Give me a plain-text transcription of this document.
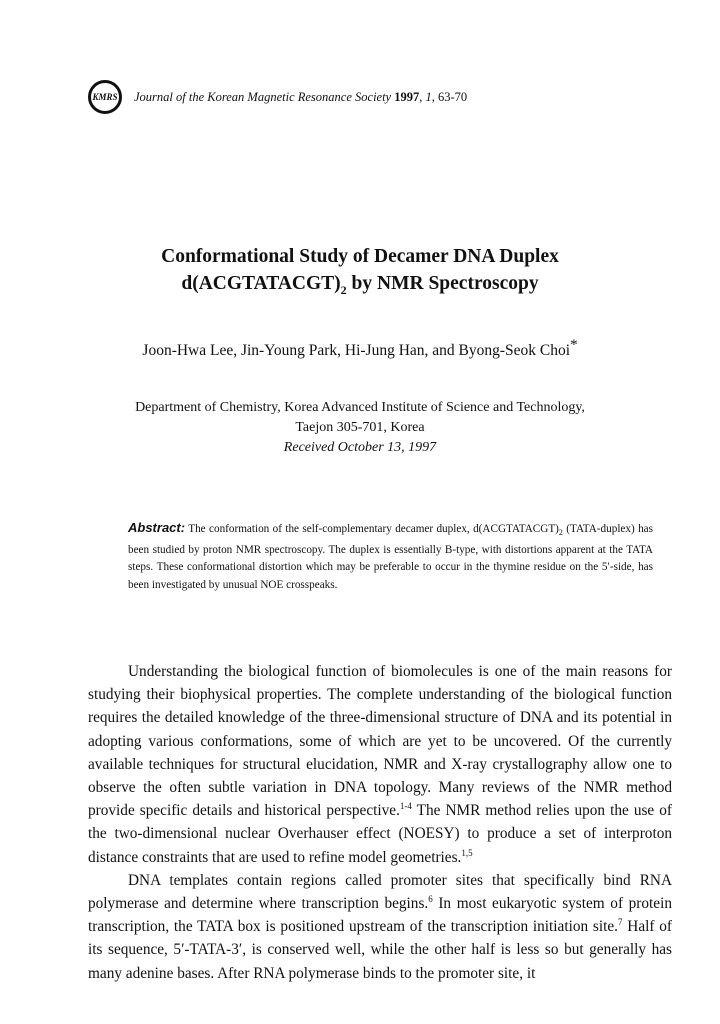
KMRS Journal of the Korean Magnetic Resonance Society 1997, 1, 63-70
Conformational Study of Decamer DNA Duplex
$d(ACGTATACGT)_2$ by NMR Spectroscopy
Joon-Hwa Lee, Jin-Young Park, Hi-Jung Han, and Byong-Seok Choi*
Department of Chemistry, Korea Advanced Institute of Science and Technology,
Taejon 305-701, Korea
Received October 13, 1997
Abstract: The conformation of the self-complementary decamer duplex, $d(ACGTATACGT)_2$ (TATA-duplex) has been studied by proton NMR spectroscopy. The duplex is essentially B-type, with distortions apparent at the TATA steps. These conformational distortion which may be preferable to occur in the thymine residue on the 5′-side, has been investigated by unusual NOE crosspeaks.

Understanding the biological function of biomolecules is one of the main reasons for studying their biophysical properties. The complete understanding of the biological function requires the detailed knowledge of the three-dimensional structure of DNA and its potential in adopting various conformations, some of which are yet to be uncovered. Of the currently available techniques for structural elucidation, NMR and X-ray crystallography allow one to observe the often subtle variation in DNA topology. Many reviews of the NMR method provide specific details and historical perspective.$^{1-4}$ The NMR method relies upon the use of the two-dimensional nuclear Overhauser effect (NOESY) to produce a set of interproton distance constraints that are used to refine model geometries.$^{1,5}$

DNA templates contain regions called promoter sites that specifically bind RNA polymerase and determine where transcription begins.$^6$ In most eukaryotic system of protein transcription, the TATA box is positioned upstream of the transcription initiation site.$^7$ Half of its sequence, 5′-TATA-3′, is conserved well, while the other half is less so but generally has many adenine bases. After RNA polymerase binds to the promoter site, it
